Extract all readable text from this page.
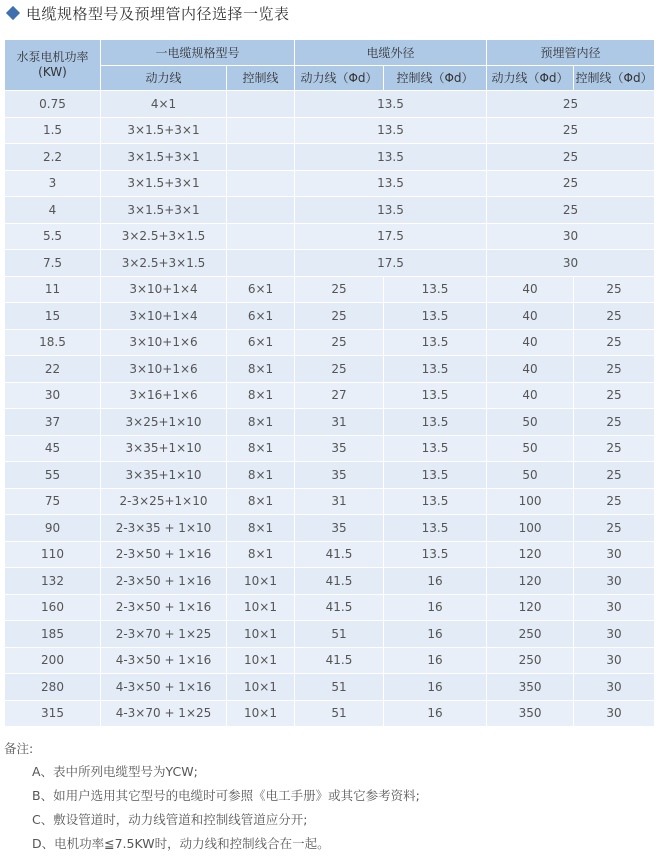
电缆规格型号及预埋管内径选择一览表
水泵电机功率(KW)	一电缆规格型号		电缆外径		预埋管内径	
	动力线	控制线	动力线（Φd）	控制线（Φd）	动力线（Φd）	控制线（Φd）
0.75	4×1		13.5		25	
1.5	3×1.5+3×1		13.5		25	
2.2	3×1.5+3×1		13.5		25	
3	3×1.5+3×1		13.5		25	
4	3×1.5+3×1		13.5		25	
5.5	3×2.5+3×1.5		17.5		30	
7.5	3×2.5+3×1.5		17.5		30	
11	3×10+1×4	6×1	25	13.5	40	25
15	3×10+1×4	6×1	25	13.5	40	25
18.5	3×10+1×6	6×1	25	13.5	40	25
22	3×10+1×6	8×1	25	13.5	40	25
30	3×16+1×6	8×1	27	13.5	40	25
37	3×25+1×10	8×1	31	13.5	50	25
45	3×35+1×10	8×1	35	13.5	50	25
55	3×35+1×10	8×1	35	13.5	50	25
75	2-3×25+1×10	8×1	31	13.5	100	25
90	2-3×35 + 1×10	8×1	35	13.5	100	25
110	2-3×50 + 1×16	8×1	41.5	13.5	120	30
132	2-3×50 + 1×16	10×1	41.5	16	120	30
160	2-3×50 + 1×16	10×1	41.5	16	120	30
185	2-3×70 + 1×25	10×1	51	16	250	30
200	4-3×50 + 1×16	10×1	41.5	16	250	30
280	4-3×50 + 1×16	10×1	51	16	350	30
315	4-3×70 + 1×25	10×1	51	16	350	30
备注:
A、表中所列电缆型号为YCW;
B、如用户选用其它型号的电缆时可参照《电工手册》或其它参考资料;
C、敷设管道时，动力线管道和控制线管道应分开;
D、电机功率≦7.5KW时，动力线和控制线合在一起。
